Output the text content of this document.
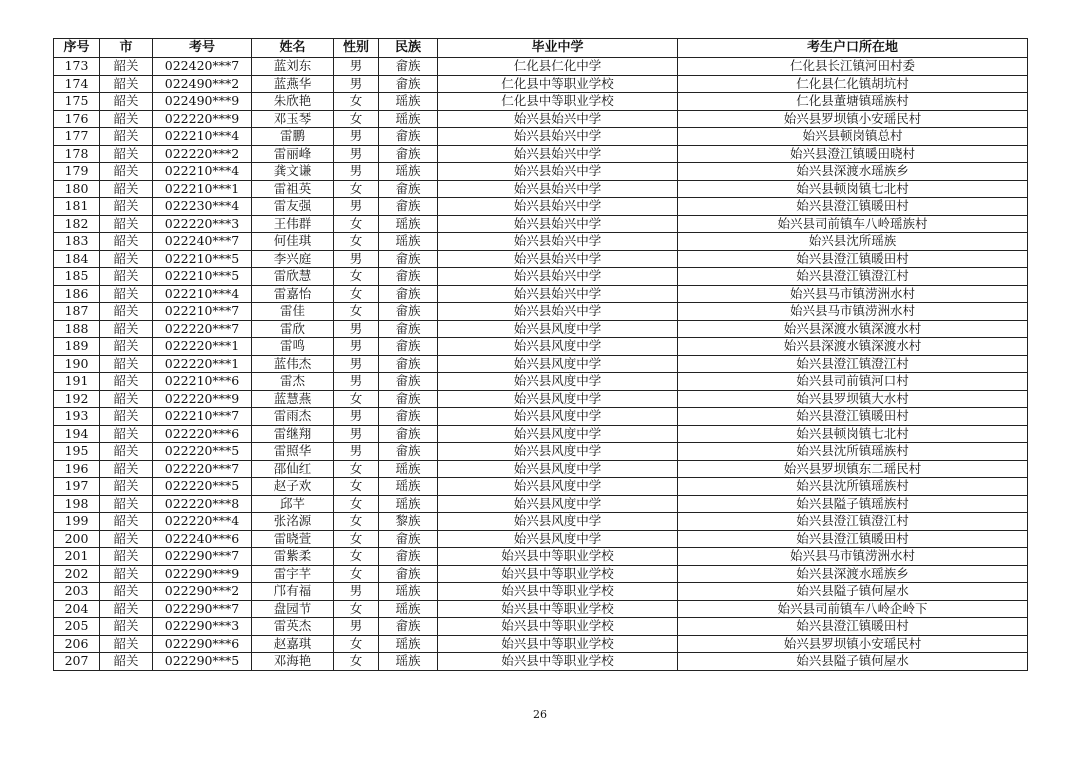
序号	市	考号	姓名	性别	民族	毕业中学	考生户口所在地
173	韶关	022420***7	蓝刘东	男	畲族	仁化县仁化中学	仁化县长江镇河田村委
174	韶关	022490***2	蓝燕华	男	畲族	仁化县中等职业学校	仁化县仁化镇胡坑村
175	韶关	022490***9	朱欣艳	女	瑶族	仁化县中等职业学校	仁化县董塘镇瑶族村
176	韶关	022220***9	邓玉琴	女	瑶族	始兴县始兴中学	始兴县罗坝镇小安瑶民村
177	韶关	022210***4	雷鹏	男	畲族	始兴县始兴中学	始兴县顿岗镇总村
178	韶关	022220***2	雷丽峰	男	畲族	始兴县始兴中学	始兴县澄江镇暖田晓村
179	韶关	022210***4	龚文谦	男	瑶族	始兴县始兴中学	始兴县深渡水瑶族乡
180	韶关	022210***1	雷祖英	女	畲族	始兴县始兴中学	始兴县顿岗镇七北村
181	韶关	022230***4	雷友强	男	畲族	始兴县始兴中学	始兴县澄江镇暖田村
182	韶关	022220***3	王伟群	女	瑶族	始兴县始兴中学	始兴县司前镇车八岭瑶族村
183	韶关	022240***7	何佳琪	女	瑶族	始兴县始兴中学	始兴县沈所瑶族
184	韶关	022210***5	李兴庭	男	畲族	始兴县始兴中学	始兴县澄江镇暖田村
185	韶关	022210***5	雷欣慧	女	畲族	始兴县始兴中学	始兴县澄江镇澄江村
186	韶关	022210***4	雷嘉怡	女	畲族	始兴县始兴中学	始兴县马市镇涝洲水村
187	韶关	022210***7	雷佳	女	畲族	始兴县始兴中学	始兴县马市镇涝洲水村
188	韶关	022220***7	雷欣	男	畲族	始兴县风度中学	始兴县深渡水镇深渡水村
189	韶关	022220***1	雷鸣	男	畲族	始兴县风度中学	始兴县深渡水镇深渡水村
190	韶关	022220***1	蓝伟杰	男	畲族	始兴县风度中学	始兴县澄江镇澄江村
191	韶关	022210***6	雷杰	男	畲族	始兴县风度中学	始兴县司前镇河口村
192	韶关	022220***9	蓝慧燕	女	畲族	始兴县风度中学	始兴县罗坝镇大水村
193	韶关	022210***7	雷雨杰	男	畲族	始兴县风度中学	始兴县澄江镇暖田村
194	韶关	022220***6	雷继翔	男	畲族	始兴县风度中学	始兴县顿岗镇七北村
195	韶关	022220***5	雷照华	男	畲族	始兴县风度中学	始兴县沈所镇瑶族村
196	韶关	022220***7	邵仙红	女	瑶族	始兴县风度中学	始兴县罗坝镇东二瑶民村
197	韶关	022220***5	赵子欢	女	瑶族	始兴县风度中学	始兴县沈所镇瑶族村
198	韶关	022220***8	邱芊	女	瑶族	始兴县风度中学	始兴县隘子镇瑶族村
199	韶关	022220***4	张洺源	女	黎族	始兴县风度中学	始兴县澄江镇澄江村
200	韶关	022240***6	雷晓萱	女	畲族	始兴县风度中学	始兴县澄江镇暖田村
201	韶关	022290***7	雷紫柔	女	畲族	始兴县中等职业学校	始兴县马市镇涝洲水村
202	韶关	022290***9	雷宇芊	女	畲族	始兴县中等职业学校	始兴县深渡水瑶族乡
203	韶关	022290***2	邝有福	男	瑶族	始兴县中等职业学校	始兴县隘子镇何屋水
204	韶关	022290***7	盘园节	女	瑶族	始兴县中等职业学校	始兴县司前镇车八岭企岭下
205	韶关	022290***3	雷英杰	男	畲族	始兴县中等职业学校	始兴县澄江镇暖田村
206	韶关	022290***6	赵嘉琪	女	瑶族	始兴县中等职业学校	始兴县罗坝镇小安瑶民村
207	韶关	022290***5	邓海艳	女	瑶族	始兴县中等职业学校	始兴县隘子镇何屋水
26
